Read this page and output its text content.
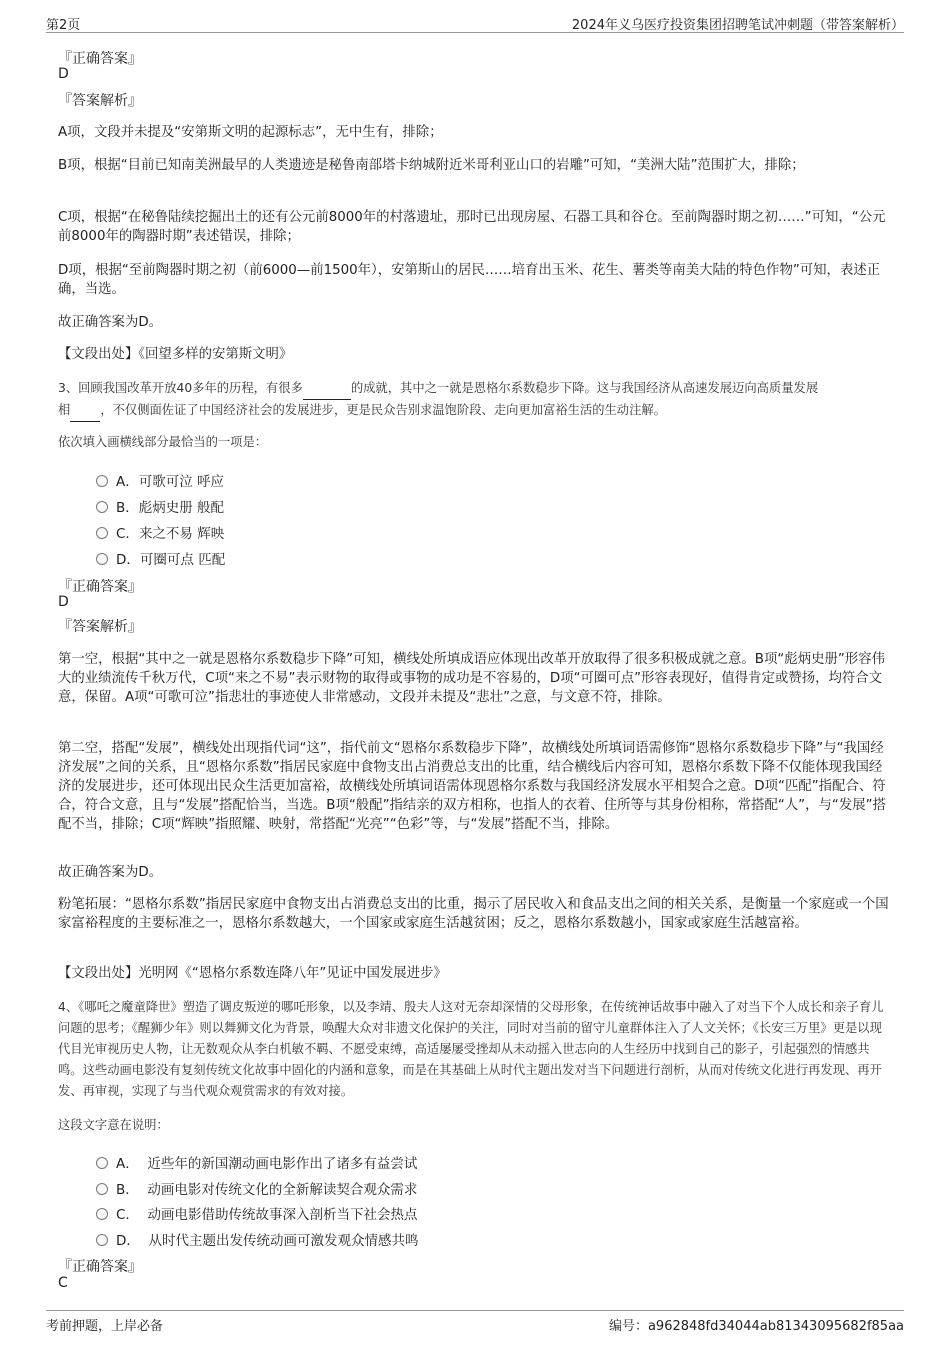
第2页	2024年义乌医疗投资集团招聘笔试冲刺题（带答案解析）
『正确答案』
D
『答案解析』
A项，文段并未提及“安第斯文明的起源标志”，无中生有，排除；
B项，根据“目前已知南美洲最早的人类遗迹是秘鲁南部塔卡纳城附近米哥利亚山口的岩雕”可知，“美洲大陆”范围扩大，排除；
C项，根据“在秘鲁陆续挖掘出土的还有公元前8000年的村落遗址，那时已出现房屋、石器工具和谷仓。至前陶器时期之初……”可知，“公元前8000年的陶器时期”表述错误，排除；
D项，根据“至前陶器时期之初（前6000—前1500年），安第斯山的居民……培育出玉米、花生、薯类等南美大陆的特色作物”可知，表述正确，当选。
故正确答案为D。
【文段出处】《回望多样的安第斯文明》
3、回顾我国改革开放40多年的历程，有很多	的成就，其中之一就是恩格尔系数稳步下降。这与我国经济从高速发展迈向高质量发展
相 ，不仅侧面佐证了中国经济社会的发展进步，更是民众告别求温饱阶段、走向更加富裕生活的生动注解。
依次填入画横线部分最恰当的一项是：
A．可歌可泣 呼应
B．彪炳史册 般配
C．来之不易 辉映
D．可圈可点 匹配
『正确答案』
D
『答案解析』
第一空，根据“其中之一就是恩格尔系数稳步下降”可知，横线处所填成语应体现出改革开放取得了很多积极成就之意。B项“彪炳史册”形容伟大的业绩流传千秋万代，C项“来之不易”表示财物的取得或事物的成功是不容易的，D项“可圈可点”形容表现好，值得肯定或赞扬，均符合文意，保留。A项“可歌可泣”指悲壮的事迹使人非常感动，文段并未提及“悲壮”之意，与文意不符，排除。
第二空，搭配“发展”，横线处出现指代词“这”，指代前文“恩格尔系数稳步下降”，故横线处所填词语需修饰“恩格尔系数稳步下降”与“我国经济发展”之间的关系，且“恩格尔系数”指居民家庭中食物支出占消费总支出的比重，结合横线后内容可知，恩格尔系数下降不仅能体现我国经济的发展进步，还可体现出民众生活更加富裕，故横线处所填词语需体现恩格尔系数与我国经济发展水平相契合之意。D项“匹配”指配合、符合，符合文意，且与“发展”搭配恰当，当选。B项“般配”指结亲的双方相称，也指人的衣着、住所等与其身份相称，常搭配“人”，与“发展”搭配不当，排除；C项“辉映”指照耀、映射，常搭配“光亮”“色彩”等，与“发展”搭配不当，排除。
故正确答案为D。
粉笔拓展：“恩格尔系数”指居民家庭中食物支出占消费总支出的比重，揭示了居民收入和食品支出之间的相关关系，是衡量一个家庭或一个国家富裕程度的主要标准之一，恩格尔系数越大，一个国家或家庭生活越贫困；反之，恩格尔系数越小，国家或家庭生活越富裕。
【文段出处】光明网《“恩格尔系数连降八年”见证中国发展进步》
4、《哪吒之魔童降世》塑造了调皮叛逆的哪吒形象，以及李靖、殷夫人这对无奈却深情的父母形象，在传统神话故事中融入了对当下个人成长和亲子育儿问题的思考；《醒狮少年》则以舞狮文化为背景，唤醒大众对非遗文化保护的关注，同时对当前的留守儿童群体注入了人文关怀；《长安三万里》更是以现代目光审视历史人物，让无数观众从李白机敏不羁、不愿受束缚，高适屡屡受挫却从未动摇入世志向的人生经历中找到自己的影子，引起强烈的情感共鸣。这些动画电影没有复刻传统文化故事中固化的内涵和意象，而是在其基础上从时代主题出发对当下问题进行剖析，从而对传统文化进行再发现、再开发、再审视，实现了与当代观众观赏需求的有效对接。
这段文字意在说明：
A． 近些年的新国潮动画电影作出了诸多有益尝试
B． 动画电影对传统文化的全新解读契合观众需求
C． 动画电影借助传统故事深入剖析当下社会热点
D． 从时代主题出发传统动画可激发观众情感共鸣
『正确答案』
C
考前押题，上岸必备	编号：a962848fd34044ab81343095682f85aa
